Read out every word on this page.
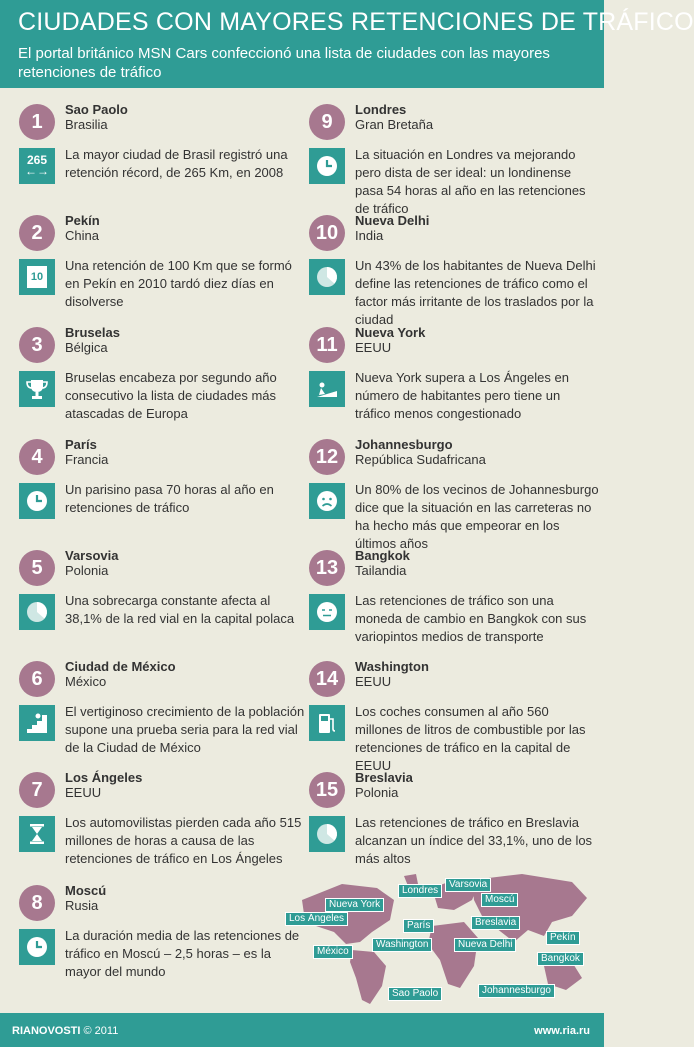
CIUDADES CON MAYORES RETENCIONES DE TRÁFICO
El portal británico MSN Cars confeccionó una lista de ciudades con las mayores retenciones de tráfico
1
Sao Paolo
Brasilia
265
←→
La mayor ciudad de Brasil registró una retención récord, de 265 Km, en 2008
2
Pekín
China
10
Una retención de 100 Km que se formó en Pekín en 2010 tardó diez días en disolverse
3
Bruselas
Bélgica
Bruselas encabeza por segundo año consecutivo la lista de ciudades más atascadas de Europa
4
París
Francia
Un parisino pasa 70 horas al año en retenciones de tráfico
5
Varsovia
Polonia
Una sobrecarga constante afecta al 38,1% de la red vial en la capital polaca
6
Ciudad de México
México
El vertiginoso crecimiento de la población supone una prueba seria para la red vial de la Ciudad de México
7
Los Ángeles
EEUU
Los automovilistas pierden cada año 515 millones de horas a causa de las retenciones de tráfico en Los Ángeles
8
Moscú
Rusia
La duración media de las retenciones de tráfico en Moscú – 2,5 horas – es la mayor del mundo
9
Londres
Gran Bretaña
La situación en Londres va mejorando pero dista de ser ideal: un londinense pasa 54 horas al año en las retenciones de tráfico
10
Nueva Delhi
India
Un 43% de los habitantes de Nueva Delhi define las retenciones de tráfico como el factor más irritante de los traslados por la ciudad
11
Nueva York
EEUU
Nueva York supera a Los Ángeles en número de habitantes pero tiene un tráfico menos congestionado
12
Johannesburgo
República Sudafricana
Un 80% de los vecinos de Johannesburgo dice que la situación en las carreteras no ha hecho más que empeorar en los últimos años
13
Bangkok
Tailandia
Las retenciones de tráfico son una moneda de cambio en Bangkok con sus variopintos medios de transporte
14
Washington
EEUU
Los coches consumen al año 560 millones de litros de combustible por las retenciones de tráfico en la capital de EEUU
15
Breslavia
Polonia
Las retenciones de tráfico en Breslavia alcanzan un índice del 33,1%, uno de los más altos
Londres
Varsovia
Moscú
Nueva York
Los Ángeles
París	Breslavia
Pekín
Washington
México
Nueva Delhi
Bangkok
Sao Paolo	Johannesburgo
RIANOVOSTI © 2011	www.ria.ru
